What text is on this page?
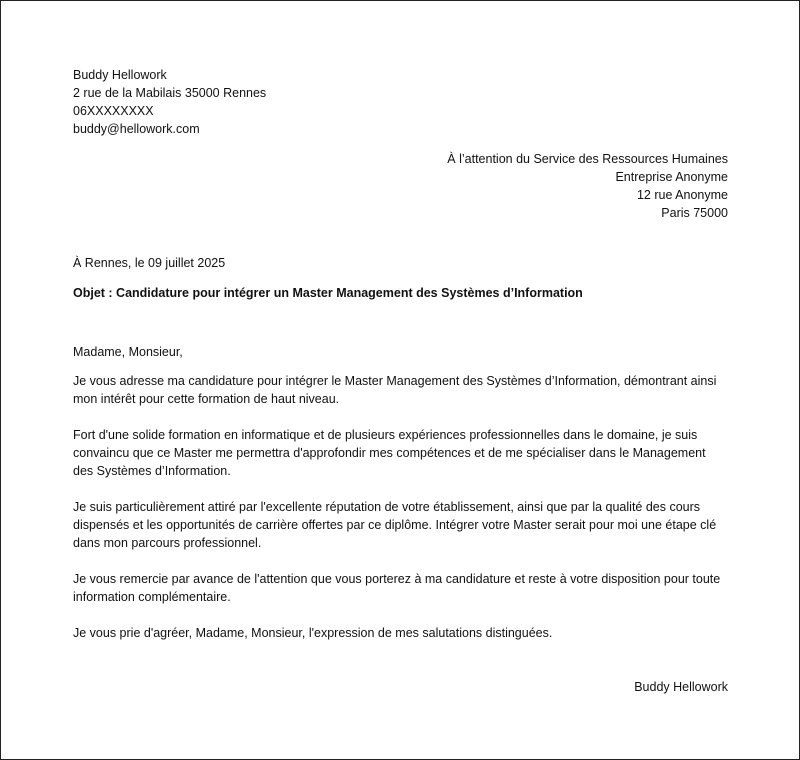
Buddy Hellowork
2 rue de la Mabilais 35000 Rennes
06XXXXXXXX
buddy@hellowork.com
À l’attention du Service des Ressources Humaines
Entreprise Anonyme
12 rue Anonyme
Paris 75000
À Rennes, le 09 juillet 2025
Objet : Candidature pour intégrer un Master Management des Systèmes d’Information
Madame, Monsieur,

Je vous adresse ma candidature pour intégrer le Master Management des Systèmes d’Information, démontrant ainsi mon intérêt pour cette formation de haut niveau.

Fort d'une solide formation en informatique et de plusieurs expériences professionnelles dans le domaine, je suis convaincu que ce Master me permettra d'approfondir mes compétences et de me spécialiser dans le Management des Systèmes d’Information.

Je suis particulièrement attiré par l'excellente réputation de votre établissement, ainsi que par la qualité des cours dispensés et les opportunités de carrière offertes par ce diplôme. Intégrer votre Master serait pour moi une étape clé dans mon parcours professionnel.

Je vous remercie par avance de l'attention que vous porterez à ma candidature et reste à votre disposition pour toute information complémentaire.

Je vous prie d'agréer, Madame, Monsieur, l'expression de mes salutations distinguées.

Buddy Hellowork
